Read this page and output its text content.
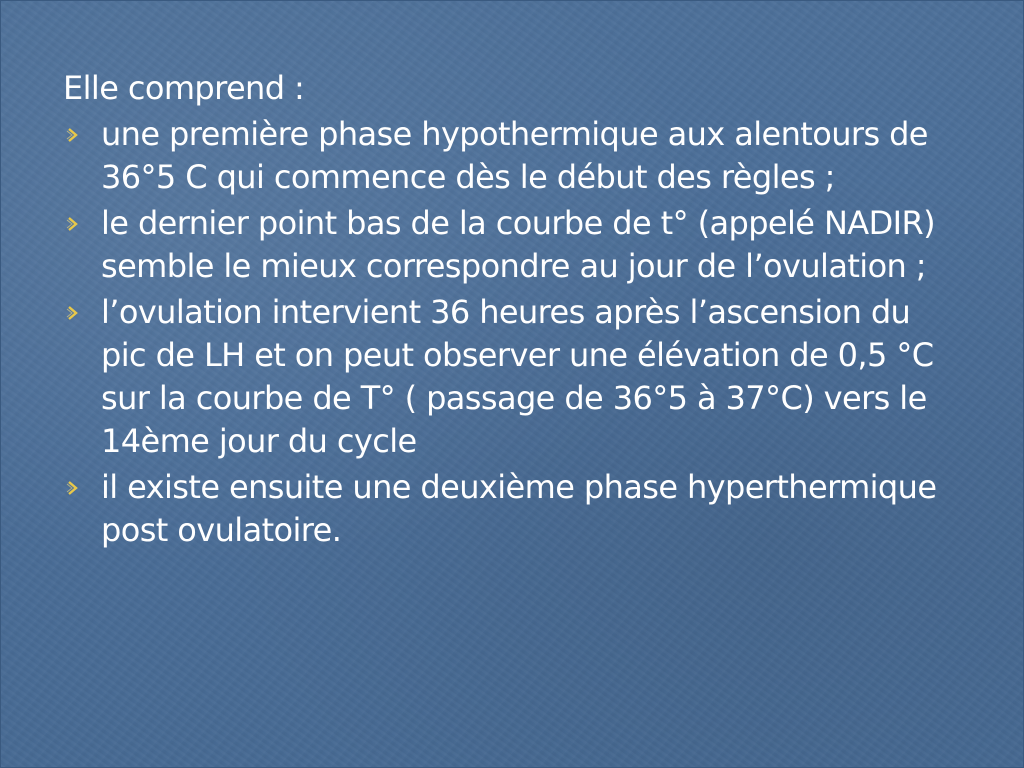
Elle comprend :
une première phase hypothermique aux alentours de 36°5 C qui commence dès le début des règles ;
le dernier point bas de la courbe de t° (appelé NADIR) semble le mieux correspondre au jour de l’ovulation ;
l’ovulation intervient 36 heures après l’ascension du pic de LH et on peut observer une élévation de 0,5 °C sur la courbe de T° ( passage de 36°5 à 37°C) vers le 14ème jour du cycle
il existe ensuite une deuxième phase hyperthermique post ovulatoire.
